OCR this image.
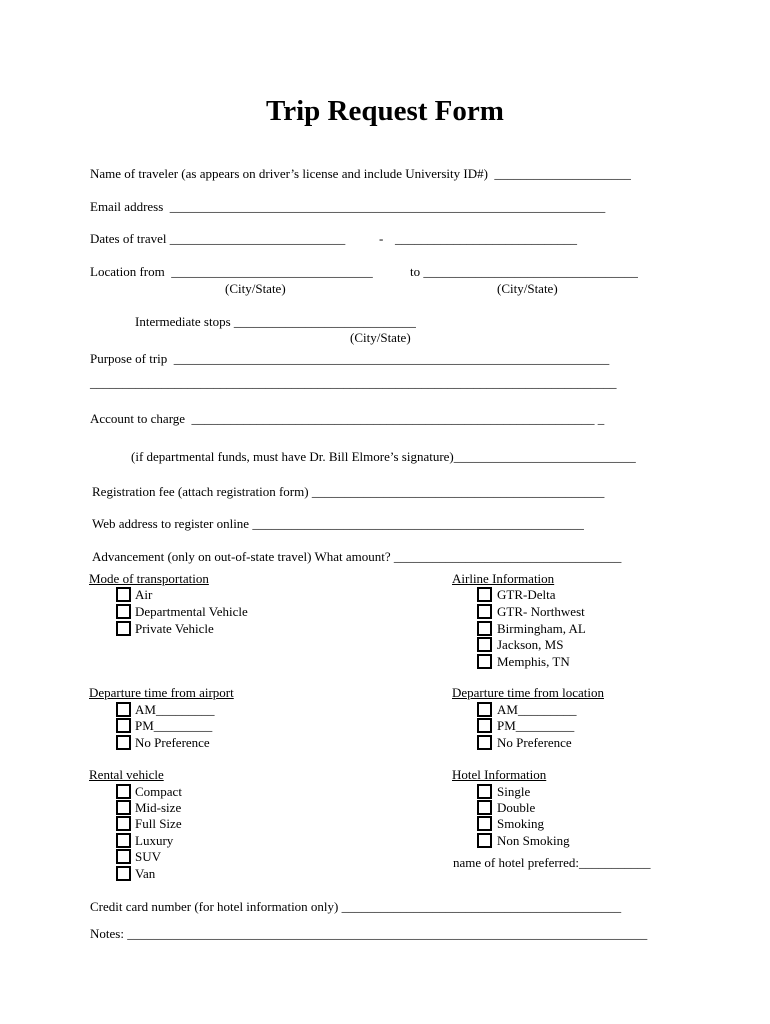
Trip Request Form
Name of traveler (as appears on driver’s license and include University ID#)  _____________________
Email address  ___________________________________________________________________
Dates of travel ___________________________	- ____________________________
Location from  _______________________________	to _________________________________
(City/State)	(City/State)
Intermediate stops ____________________________
(City/State)
Purpose of trip  ___________________________________________________________________
_________________________________________________________________________________
Account to charge  ______________________________________________________________ _
(if departmental funds, must have Dr. Bill Elmore’s signature)____________________________
Registration fee (attach registration form) _____________________________________________
Web address to register online ___________________________________________________
Advancement (only on out-of-state travel) What amount? ___________________________________
Mode of transportation
Air
Departmental Vehicle
Private Vehicle
Airline Information
GTR-Delta
GTR- Northwest
Birmingham, AL
Jackson, MS
Memphis, TN
Departure time from airport
AM_________
PM_________
No Preference
Departure time from location
AM_________
PM_________
No Preference
Rental vehicle
Compact
Mid-size
Full Size
Luxury
SUV
Van
Hotel Information
Single
Double
Smoking
Non Smoking
name of hotel preferred:___________
Credit card number (for hotel information only) ___________________________________________
Notes: ________________________________________________________________________________
